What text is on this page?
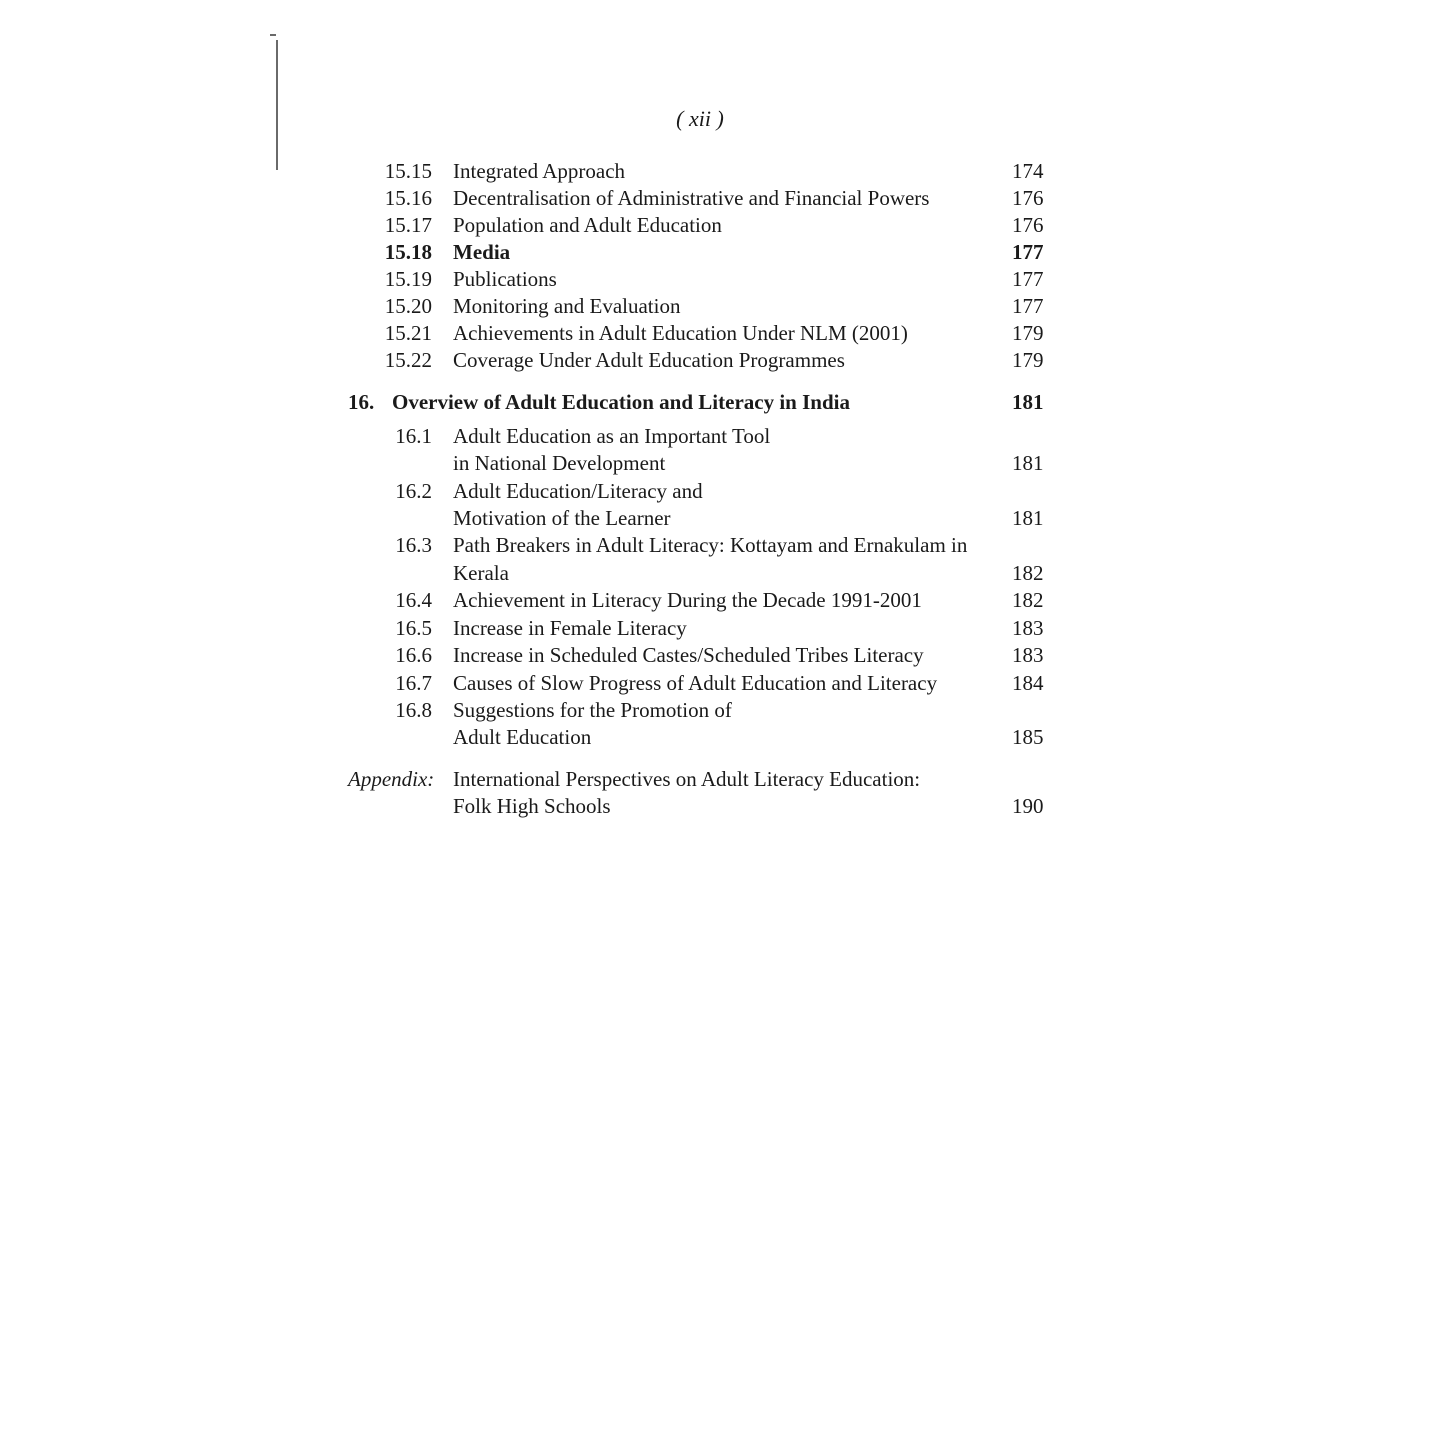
( xii )
15.15 Integrated Approach	174
15.16 Decentralisation of Administrative and Financial Powers	176
15.17 Population and Adult Education	176
15.18 Media	177
15.19 Publications	177
15.20 Monitoring and Evaluation	177
15.21 Achievements in Adult Education Under NLM (2001)	179
15.22 Coverage Under Adult Education Programmes	179
16. Overview of Adult Education and Literacy in India	181
16.1 Adult Education as an Important Tool
in National Development	181
16.2 Adult Education/Literacy and
Motivation of the Learner	181
16.3 Path Breakers in Adult Literacy: Kottayam and Ernakulam in
Kerala	182
16.4 Achievement in Literacy During the Decade 1991-2001	182
16.5 Increase in Female Literacy	183
16.6 Increase in Scheduled Castes/Scheduled Tribes Literacy	183
16.7 Causes of Slow Progress of Adult Education and Literacy	184
16.8 Suggestions for the Promotion of
Adult Education	185
Appendix: International Perspectives on Adult Literacy Education:
Folk High Schools	190
